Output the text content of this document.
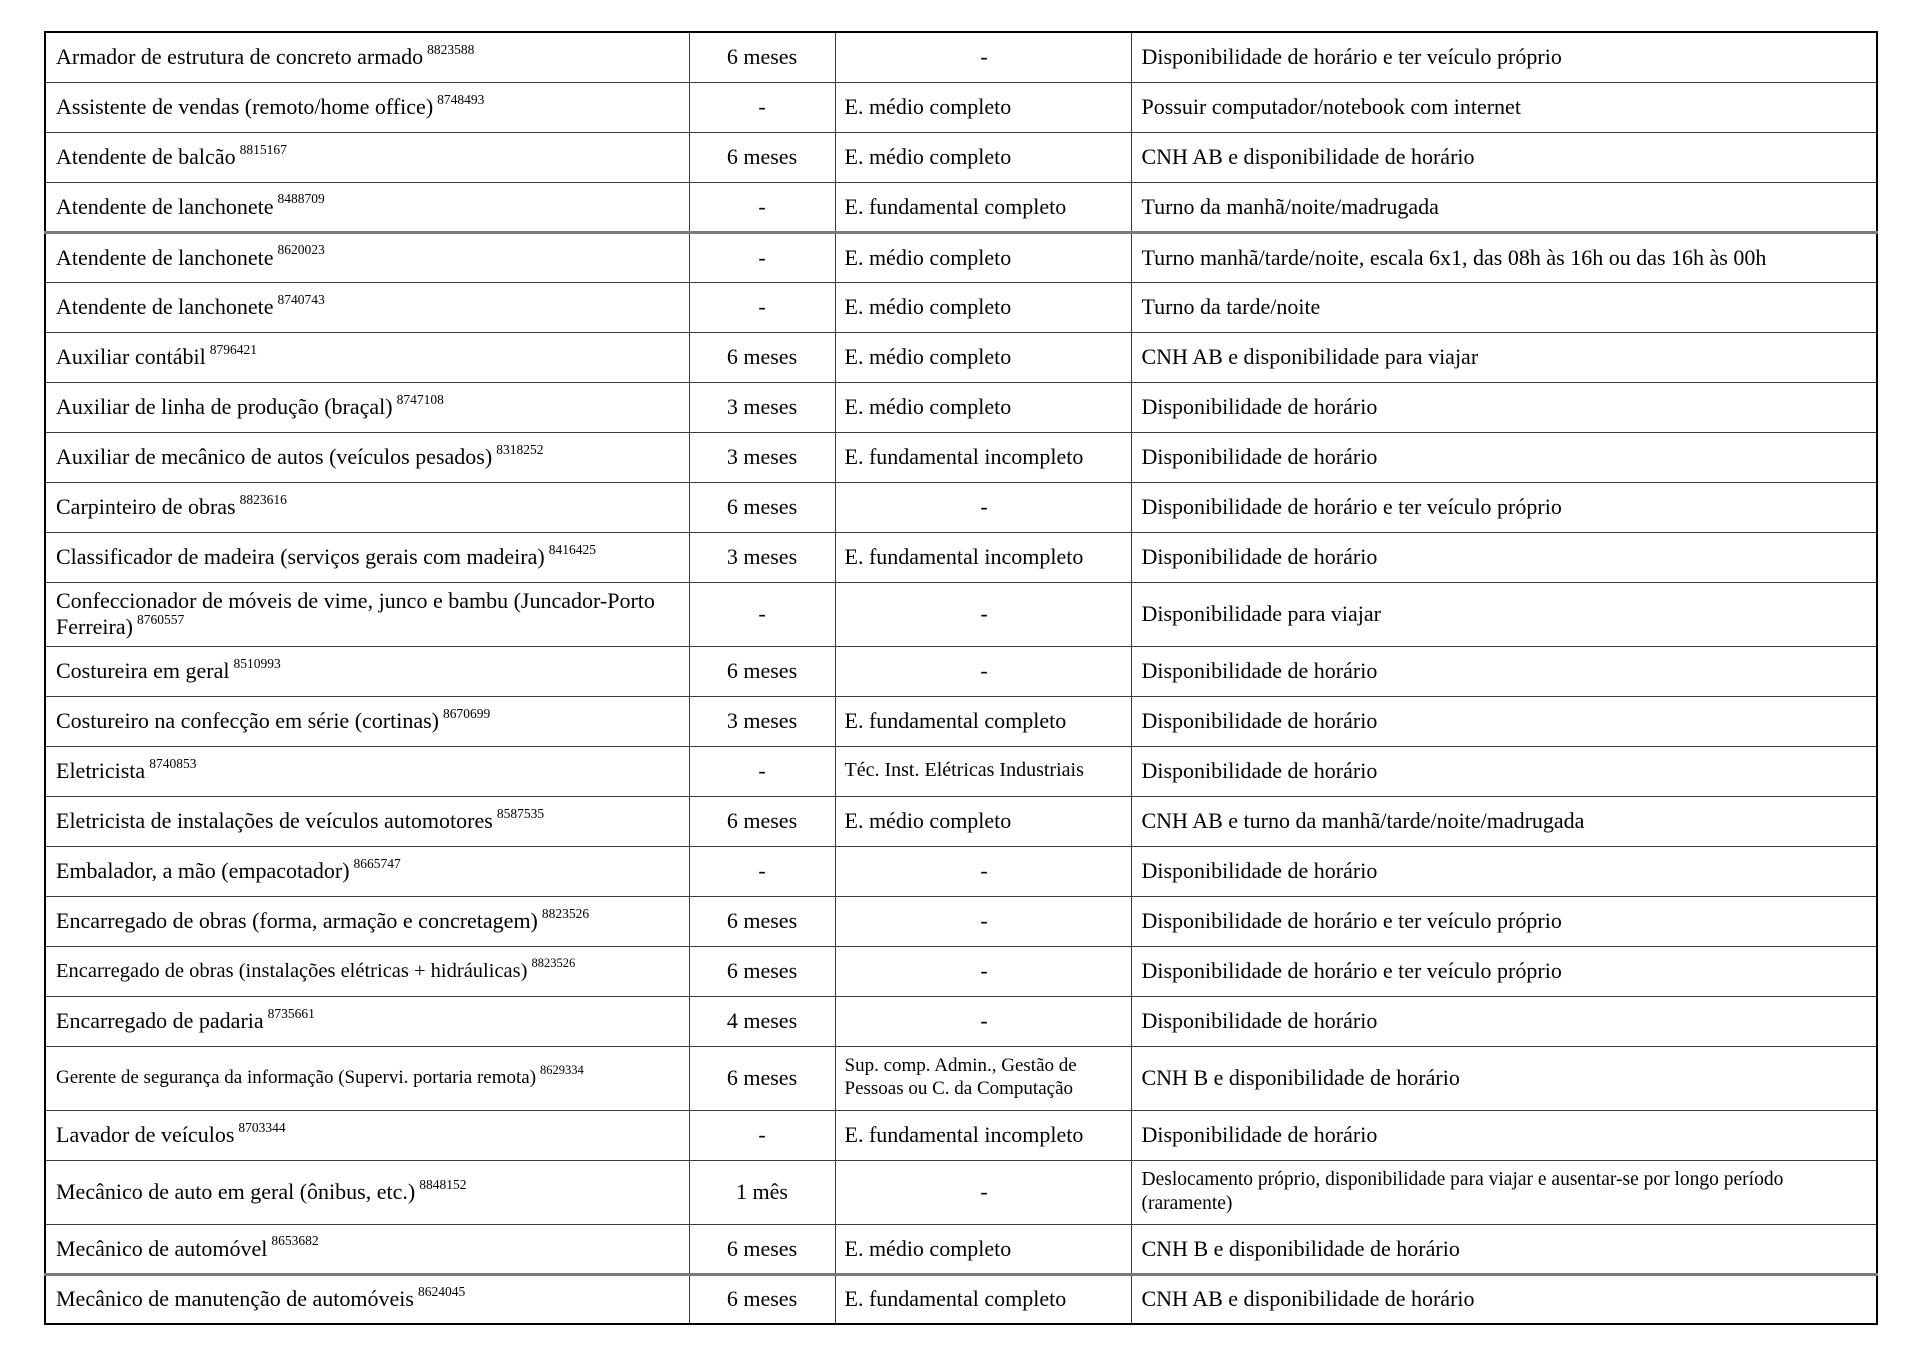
Armador de estrutura de concreto armado $^{8823588}$	6 meses	-	Disponibilidade de horário e ter veículo próprio
Assistente de vendas (remoto/home office) $^{8748493}$	-	E. médio completo	Possuir computador/notebook com internet
Atendente de balcão $^{8815167}$	6 meses	E. médio completo	CNH AB e disponibilidade de horário
Atendente de lanchonete $^{8488709}$	-	E. fundamental completo	Turno da manhã/noite/madrugada
Atendente de lanchonete $^{8620023}$	-	E. médio completo	Turno manhã/tarde/noite, escala 6x1, das 08h às 16h ou das 16h às 00h
Atendente de lanchonete $^{8740743}$	-	E. médio completo	Turno da tarde/noite
Auxiliar contábil $^{8796421}$	6 meses	E. médio completo	CNH AB e disponibilidade para viajar
Auxiliar de linha de produção (braçal) $^{8747108}$	3 meses	E. médio completo	Disponibilidade de horário
Auxiliar de mecânico de autos (veículos pesados) $^{8318252}$	3 meses	E. fundamental incompleto	Disponibilidade de horário
Carpinteiro de obras $^{8823616}$	6 meses	-	Disponibilidade de horário e ter veículo próprio
Classificador de madeira (serviços gerais com madeira) $^{8416425}$	3 meses	E. fundamental incompleto	Disponibilidade de horário
Confeccionador de móveis de vime, junco e bambu (Juncador-Porto Ferreira) $^{8760557}$	-	-	Disponibilidade para viajar
Costureira em geral $^{8510993}$	6 meses	-	Disponibilidade de horário
Costureiro na confecção em série (cortinas) $^{8670699}$	3 meses	E. fundamental completo	Disponibilidade de horário
Eletricista $^{8740853}$	-	Téc. Inst. Elétricas Industriais	Disponibilidade de horário
Eletricista de instalações de veículos automotores $^{8587535}$	6 meses	E. médio completo	CNH AB e turno da manhã/tarde/noite/madrugada
Embalador, a mão (empacotador) $^{8665747}$	-	-	Disponibilidade de horário
Encarregado de obras (forma, armação e concretagem) $^{8823526}$	6 meses	-	Disponibilidade de horário e ter veículo próprio
Encarregado de obras (instalações elétricas + hidráulicas) $^{8823526}$	6 meses	-	Disponibilidade de horário e ter veículo próprio
Encarregado de padaria $^{8735661}$	4 meses	-	Disponibilidade de horário
Gerente de segurança da informação (Supervi. portaria remota) $^{8629334}$	6 meses	Sup. comp. Admin., Gestão de Pessoas ou C. da Computação	CNH B e disponibilidade de horário
Lavador de veículos $^{8703344}$	-	E. fundamental incompleto	Disponibilidade de horário
Mecânico de auto em geral (ônibus, etc.) $^{8848152}$	1 mês	-	Deslocamento próprio, disponibilidade para viajar e ausentar-se por longo período (raramente)
Mecânico de automóvel $^{8653682}$	6 meses	E. médio completo	CNH B e disponibilidade de horário
Mecânico de manutenção de automóveis $^{8624045}$	6 meses	E. fundamental completo	CNH AB e disponibilidade de horário
